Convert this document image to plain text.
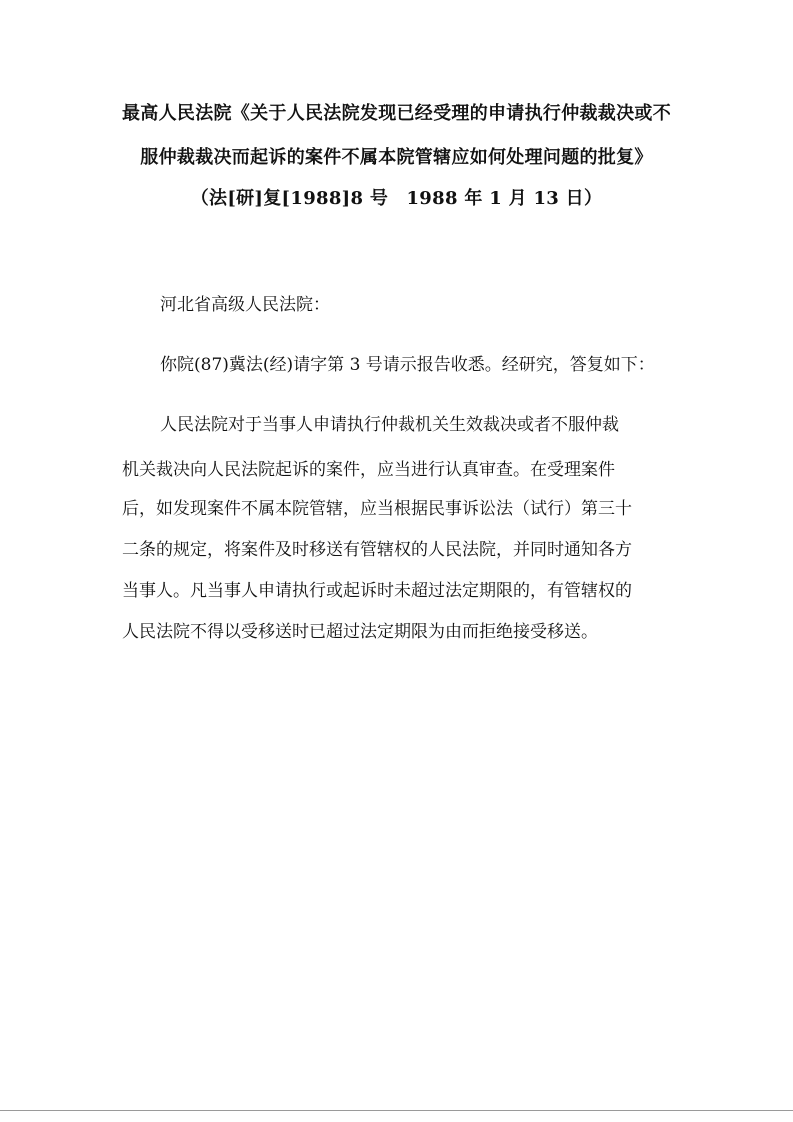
最高人民法院《关于人民法院发现已经受理的申请执行仲裁裁决或不
服仲裁裁决而起诉的案件不属本院管辖应如何处理问题的批复》
（法[研]复[1988]8 号　1988 年 1 月 13 日）
河北省高级人民法院：
你院(87)冀法(经)请字第 3 号请示报告收悉。经研究，答复如下：
人民法院对于当事人申请执行仲裁机关生效裁决或者不服仲裁
机关裁决向人民法院起诉的案件，应当进行认真审查。在受理案件
后，如发现案件不属本院管辖，应当根据民事诉讼法（试行）第三十
二条的规定，将案件及时移送有管辖权的人民法院，并同时通知各方
当事人。凡当事人申请执行或起诉时未超过法定期限的，有管辖权的
人民法院不得以受移送时已超过法定期限为由而拒绝接受移送。
